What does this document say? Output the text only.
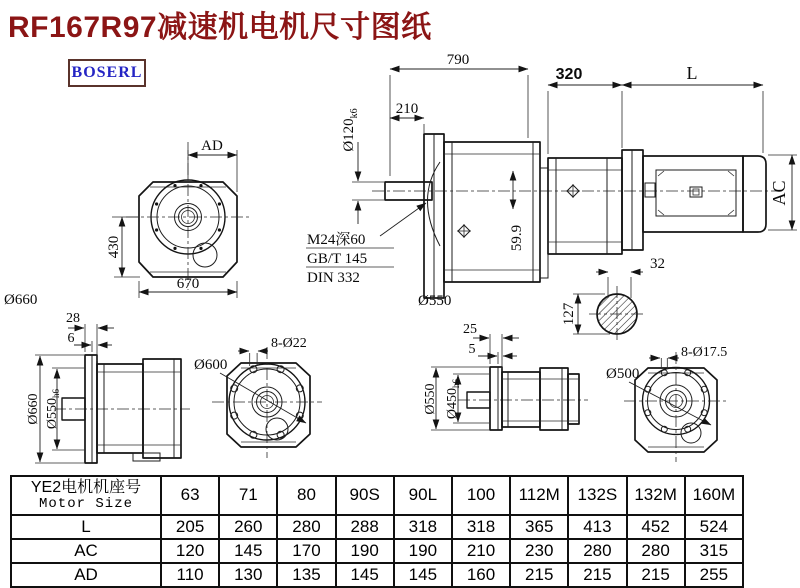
RF167R97减速机电机尺寸图纸
BOSERL
AD
430
670
790
210
$Ø120_{k6}$
M24深60
GB/T 145
DIN 332
59.9
Ø550
320	L
AC
32
127
Ø660
28
6
Ø660 $Ø550_{h6}$
Ø600
8-Ø22
25
5
Ø550 $Ø450_{h6}$
Ø500
8-Ø17.5
YE2电机机座号
Motor Size	63	71	80	90S	90L	100	112M	132S	132M	160M
L	205	260	280	288	318	318	365	413	452	524
AC	120	145	170	190	190	210	230	280	280	315
AD	110	130	135	145	145	160	215	215	215	255
